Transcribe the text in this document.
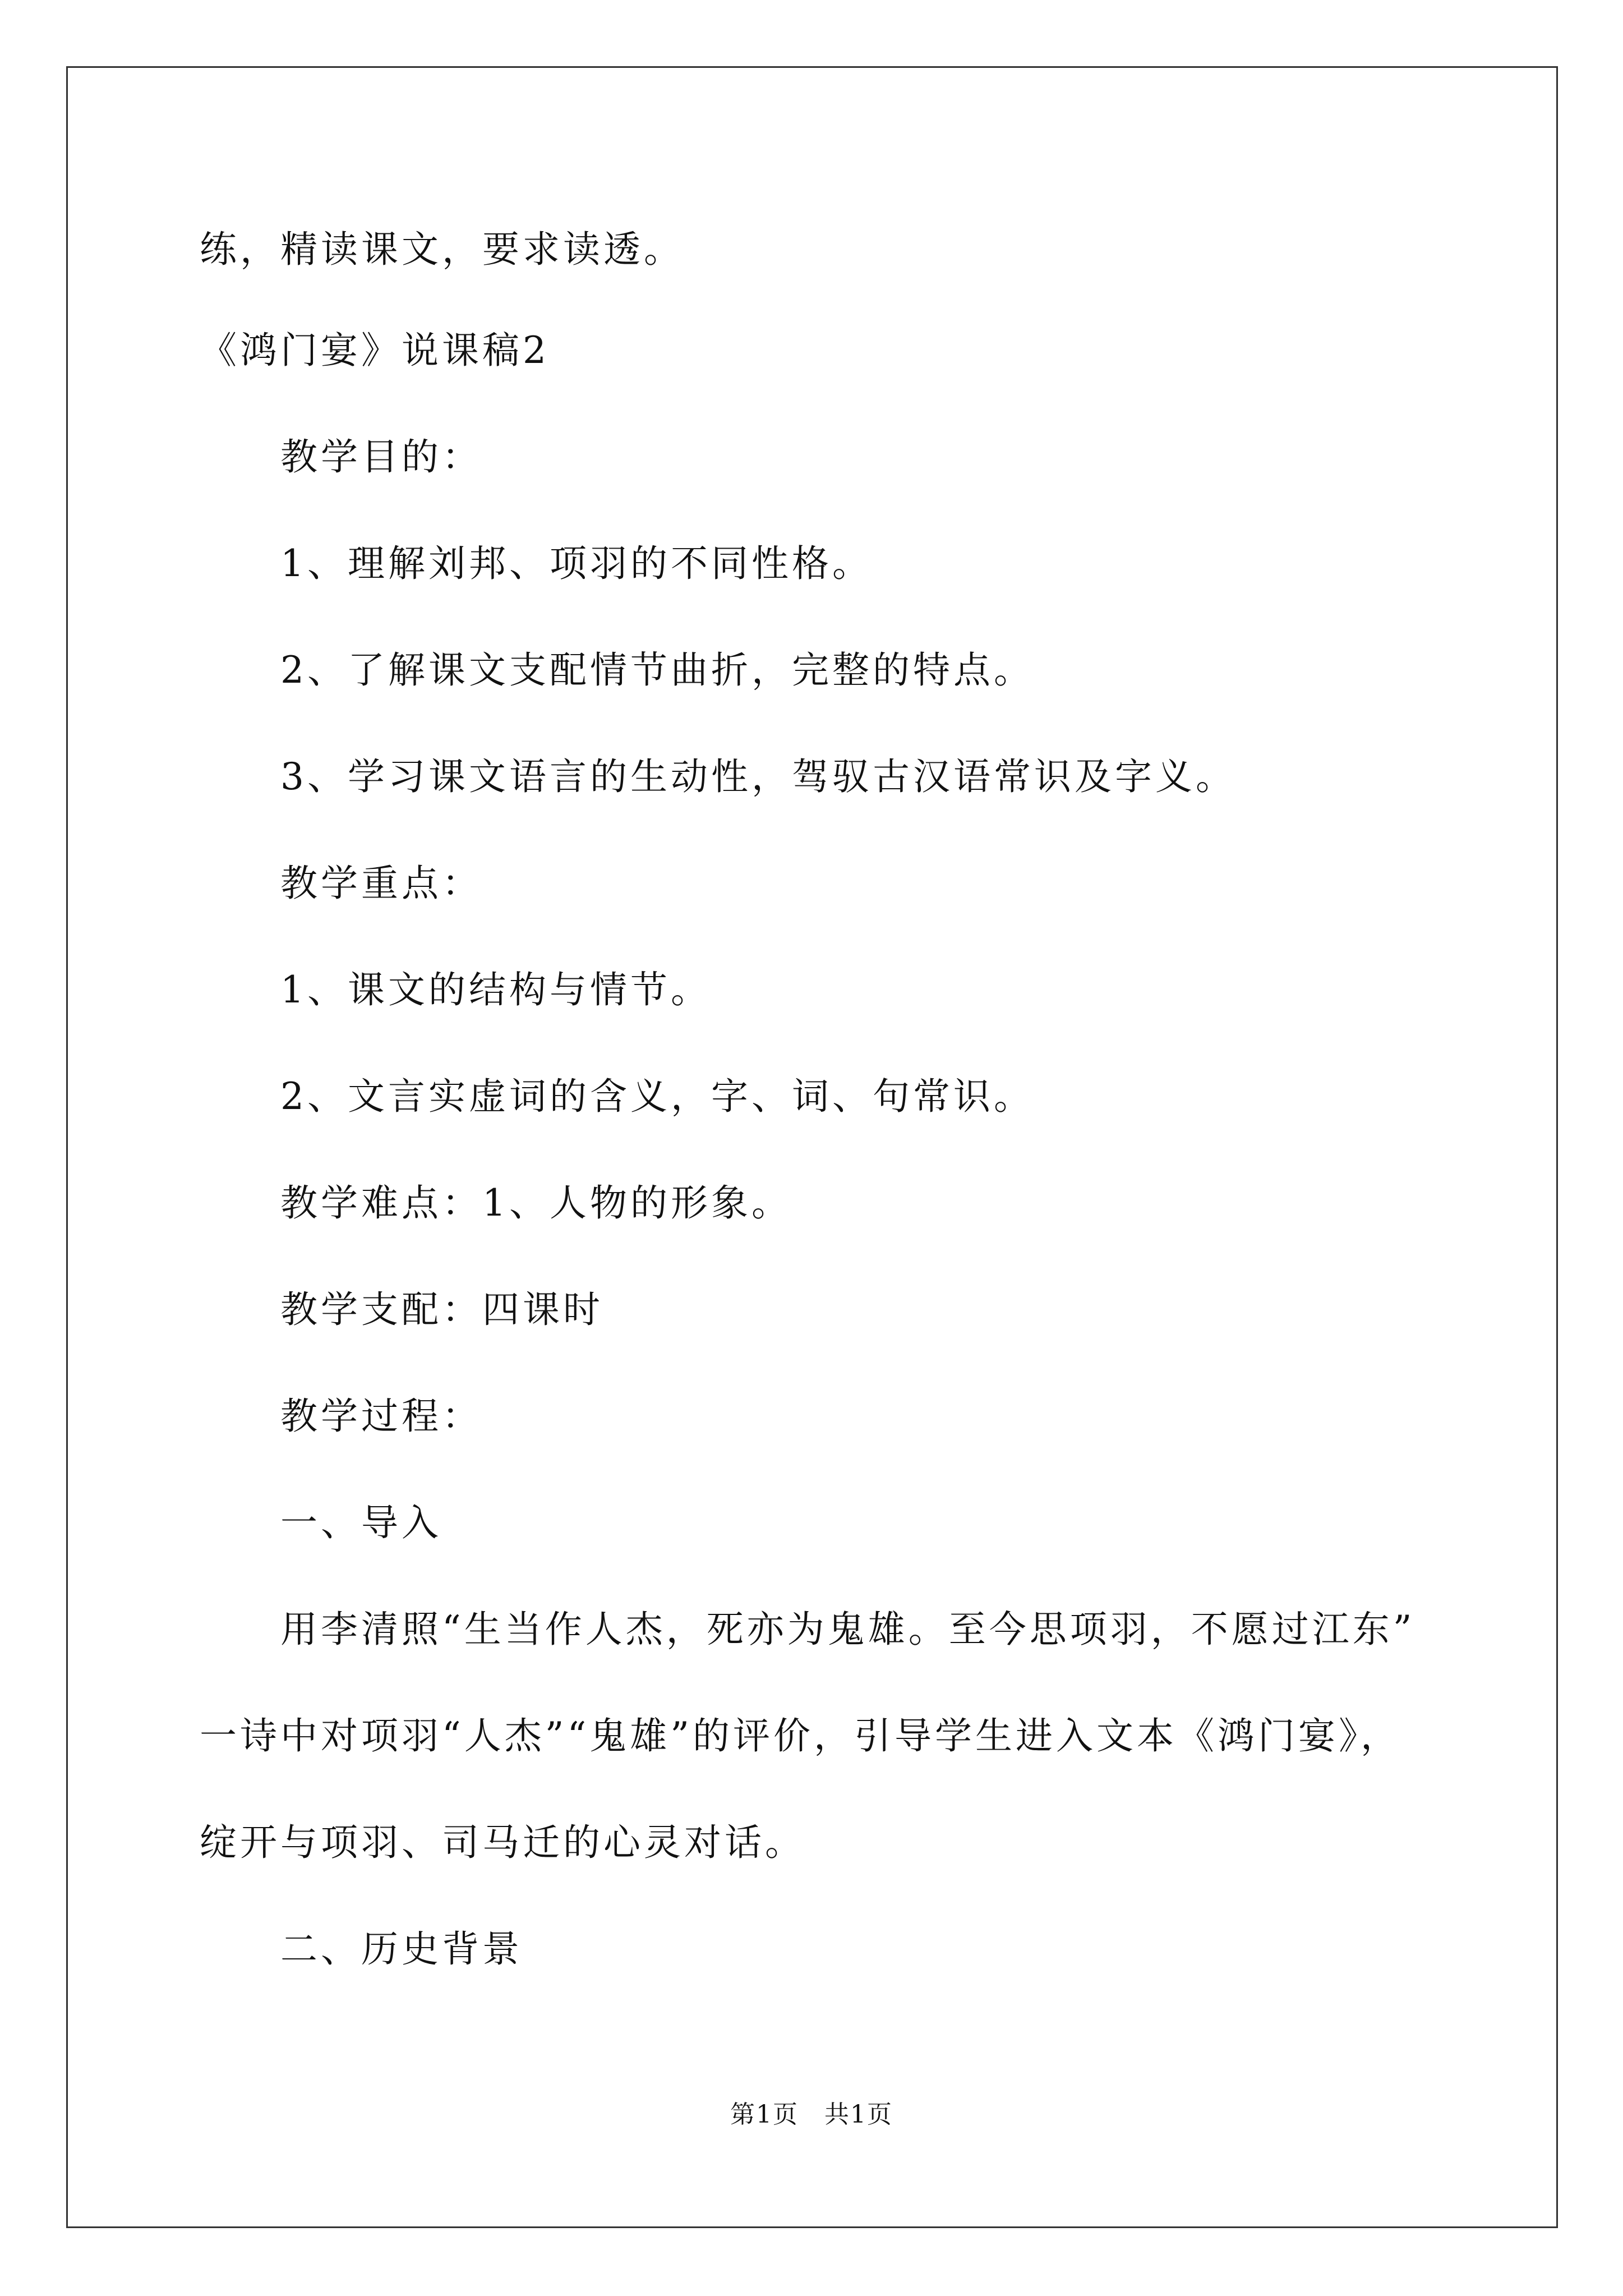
练，精读课文，要求读透。

《鸿门宴》说课稿2

教学目的：

1、理解刘邦、项羽的不同性格。

2、了解课文支配情节曲折，完整的特点。

3、学习课文语言的生动性，驾驭古汉语常识及字义。

教学重点：

1、课文的结构与情节。

2、文言实虚词的含义，字、词、句常识。

教学难点：1、人物的形象。

教学支配：四课时

教学过程：

一、导入

用李清照“生当作人杰，死亦为鬼雄。至今思项羽，不愿过江东”

一诗中对项羽“人杰”“鬼雄”的评价，引导学生进入文本《鸿门宴》，

绽开与项羽、司马迁的心灵对话。

二、历史背景

第1页　共1页
